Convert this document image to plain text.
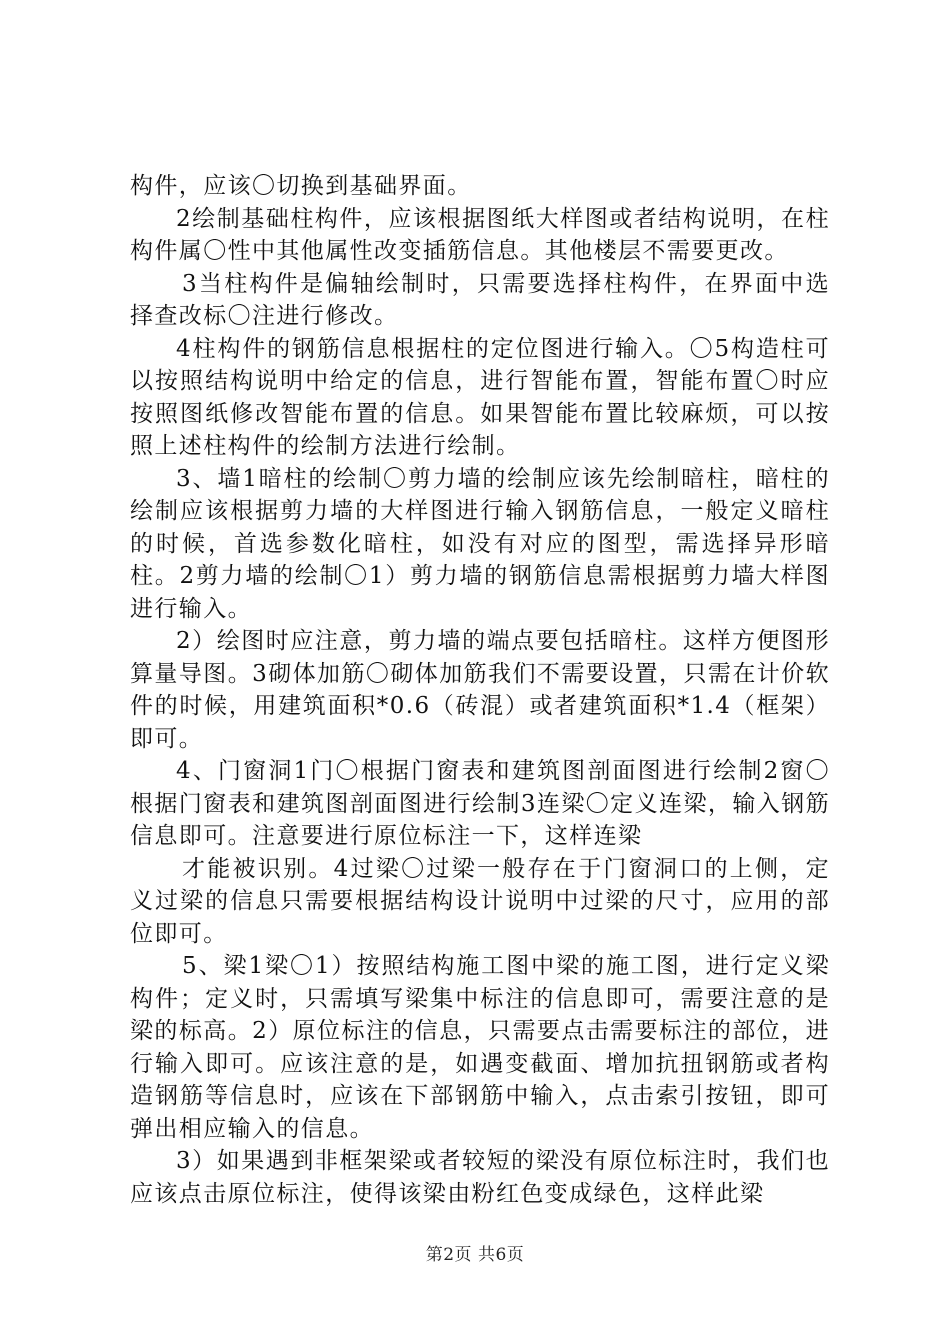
构件，应该〇切换到基础界面。

2绘制基础柱构件，应该根据图纸大样图或者结构说明，在柱构件属〇性中其他属性改变插筋信息。其他楼层不需要更改。

3当柱构件是偏轴绘制时，只需要选择柱构件，在界面中选择查改标〇注进行修改。

4柱构件的钢筋信息根据柱的定位图进行输入。〇5构造柱可以按照结构说明中给定的信息，进行智能布置，智能布置〇时应按照图纸修改智能布置的信息。如果智能布置比较麻烦，可以按照上述柱构件的绘制方法进行绘制。

3、墙1暗柱的绘制〇剪力墙的绘制应该先绘制暗柱，暗柱的绘制应该根据剪力墙的大样图进行输入钢筋信息，一般定义暗柱的时候，首选参数化暗柱，如没有对应的图型，需选择异形暗柱。2剪力墙的绘制〇1）剪力墙的钢筋信息需根据剪力墙大样图进行输入。

2）绘图时应注意，剪力墙的端点要包括暗柱。这样方便图形算量导图。3砌体加筋〇砌体加筋我们不需要设置，只需在计价软件的时候，用建筑面积*0.6（砖混）或者建筑面积*1.4（框架）即可。

4、门窗洞1门〇根据门窗表和建筑图剖面图进行绘制2窗〇根据门窗表和建筑图剖面图进行绘制3连梁〇定义连梁，输入钢筋信息即可。注意要进行原位标注一下，这样连梁

才能被识别。4过梁〇过梁一般存在于门窗洞口的上侧，定义过梁的信息只需要根据结构设计说明中过梁的尺寸，应用的部位即可。

5、梁1梁〇1）按照结构施工图中梁的施工图，进行定义梁构件；定义时，只需填写梁集中标注的信息即可，需要注意的是梁的标高。2）原位标注的信息，只需要点击需要标注的部位，进行输入即可。应该注意的是，如遇变截面、增加抗扭钢筋或者构造钢筋等信息时，应该在下部钢筋中输入，点击索引按钮，即可弹出相应输入的信息。

3）如果遇到非框架梁或者较短的梁没有原位标注时，我们也应该点击原位标注，使得该梁由粉红色变成绿色，这样此梁

第2页 共6页
